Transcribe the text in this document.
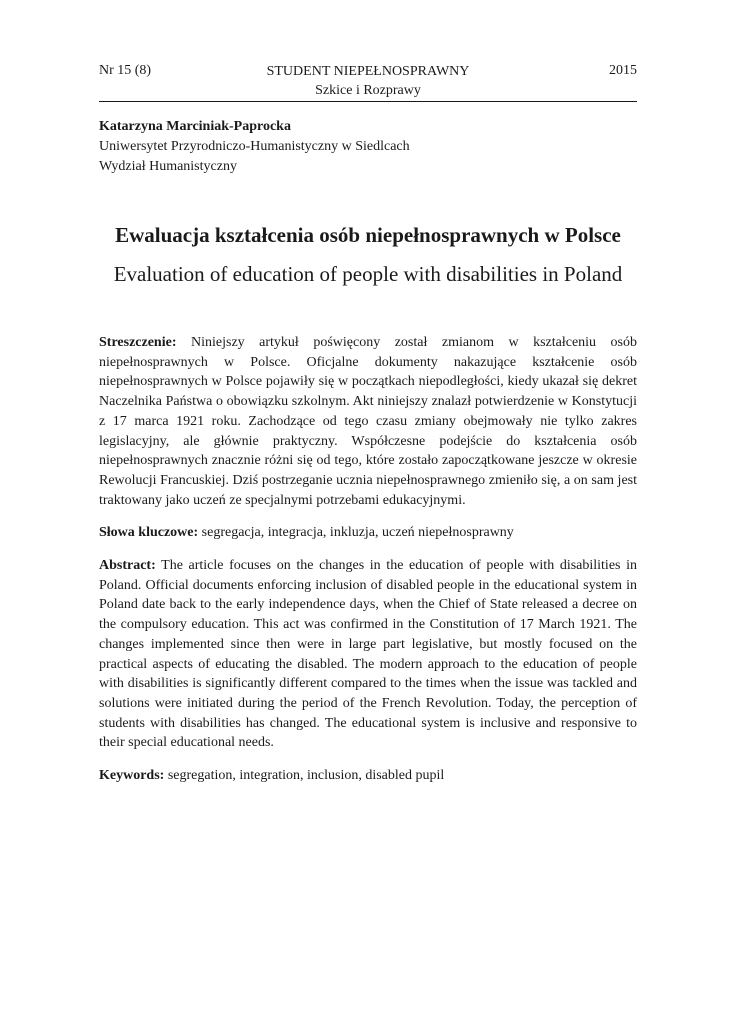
Nr 15 (8)	STUDENT NIEPEŁNOSPRAWNY
Szkice i Rozprawy
2015
Katarzyna Marciniak-Paprocka
Uniwersytet Przyrodniczo-Humanistyczny w Siedlcach
Wydział Humanistyczny
Ewaluacja kształcenia osób niepełnosprawnych w Polsce
Evaluation of education of people with disabilities in Poland

Streszczenie: Niniejszy artykuł poświęcony został zmianom w kształceniu osób niepełnosprawnych w Polsce. Oficjalne dokumenty nakazujące kształcenie osób niepełnosprawnych w Polsce pojawiły się w początkach niepodległości, kiedy ukazał się dekret Naczelnika Państwa o obowiązku szkolnym. Akt niniejszy znalazł potwierdzenie w Konstytucji z 17 marca 1921 roku. Zachodzące od tego czasu zmiany obejmowały nie tylko zakres legislacyjny, ale głównie praktyczny. Współczesne podejście do kształcenia osób niepełnosprawnych znacznie różni się od tego, które zostało zapoczątkowane jeszcze w okresie Rewolucji Francuskiej. Dziś postrzeganie ucznia niepełnosprawnego zmieniło się, a on sam jest traktowany jako uczeń ze specjalnymi potrzebami edukacyjnymi.

Słowa kluczowe: segregacja, integracja, inkluzja, uczeń niepełnosprawny

Abstract: The article focuses on the changes in the education of people with disabilities in Poland. Official documents enforcing inclusion of disabled people in the educational system in Poland date back to the early independence days, when the Chief of State released a decree on the compulsory education. This act was confirmed in the Constitution of 17 March 1921. The changes implemented since then were in large part legislative, but mostly focused on the practical aspects of educating the disabled. The modern approach to the education of people with disabilities is significantly different compared to the times when the issue was tackled and solutions were initiated during the period of the French Revolution. Today, the perception of students with disabilities has changed. The educational system is inclusive and responsive to their special educational needs.

Keywords: segregation, integration, inclusion, disabled pupil
